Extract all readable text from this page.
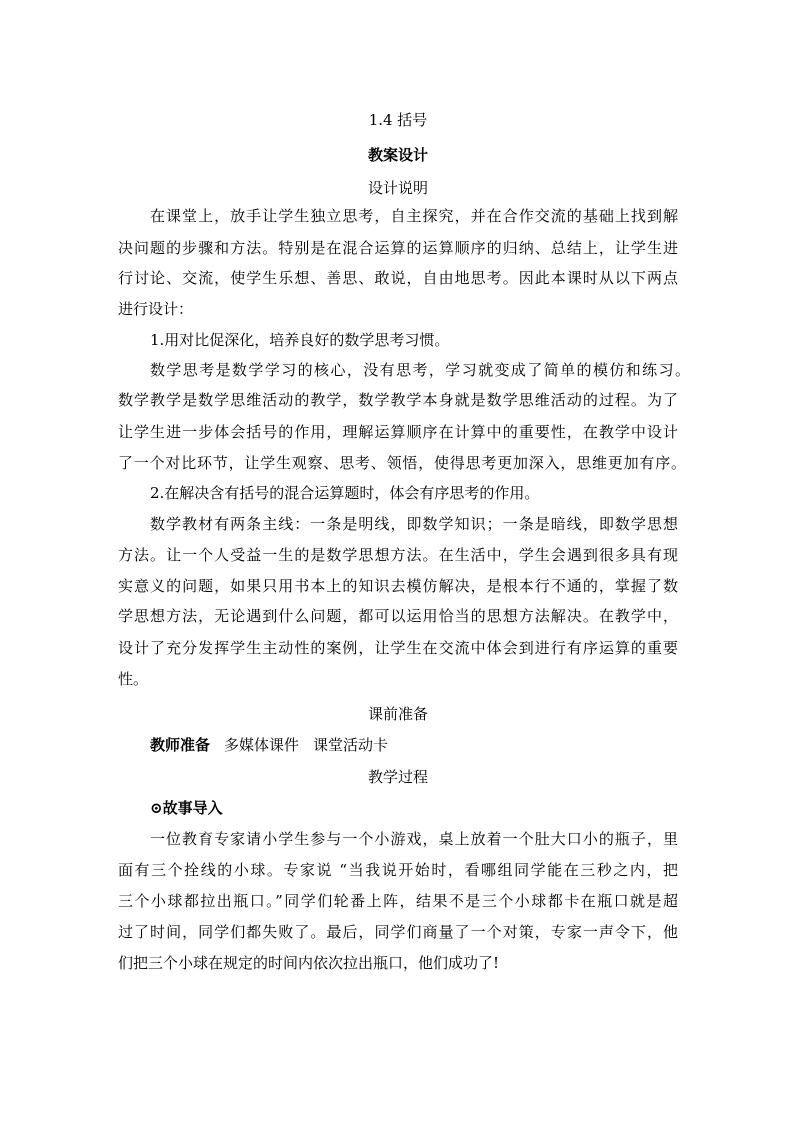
1.4 括号
教案设计
设计说明
在课堂上，放手让学生独立思考，自主探究，并在合作交流的基础上找到解
决问题的步骤和方法。特别是在混合运算的运算顺序的归纳、总结上，让学生进
行讨论、交流，使学生乐想、善思、敢说，自由地思考。因此本课时从以下两点
进行设计：
1.用对比促深化，培养良好的数学思考习惯。
数学思考是数学学习的核心，没有思考，学习就变成了简单的模仿和练习。
数学教学是数学思维活动的教学，数学教学本身就是数学思维活动的过程。为了
让学生进一步体会括号的作用，理解运算顺序在计算中的重要性，在教学中设计
了一个对比环节，让学生观察、思考、领悟，使得思考更加深入，思维更加有序。
2.在解决含有括号的混合运算题时，体会有序思考的作用。
数学教材有两条主线：一条是明线，即数学知识；一条是暗线，即数学思想
方法。让一个人受益一生的是数学思想方法。在生活中，学生会遇到很多具有现
实意义的问题，如果只用书本上的知识去模仿解决，是根本行不通的，掌握了数
学思想方法，无论遇到什么问题，都可以运用恰当的思想方法解决。在教学中，
设计了充分发挥学生主动性的案例，让学生在交流中体会到进行有序运算的重要
性。
课前准备
教师准备 多媒体课件 课堂活动卡
教学过程
⊙故事导入
一位教育专家请小学生参与一个小游戏，桌上放着一个肚大口小的瓶子，里
面有三个拴线的小球。专家说 “当我说开始时，看哪组同学能在三秒之内，把
三个小球都拉出瓶口。”同学们轮番上阵，结果不是三个小球都卡在瓶口就是超
过了时间，同学们都失败了。最后，同学们商量了一个对策，专家一声令下，他
们把三个小球在规定的时间内依次拉出瓶口，他们成功了!
